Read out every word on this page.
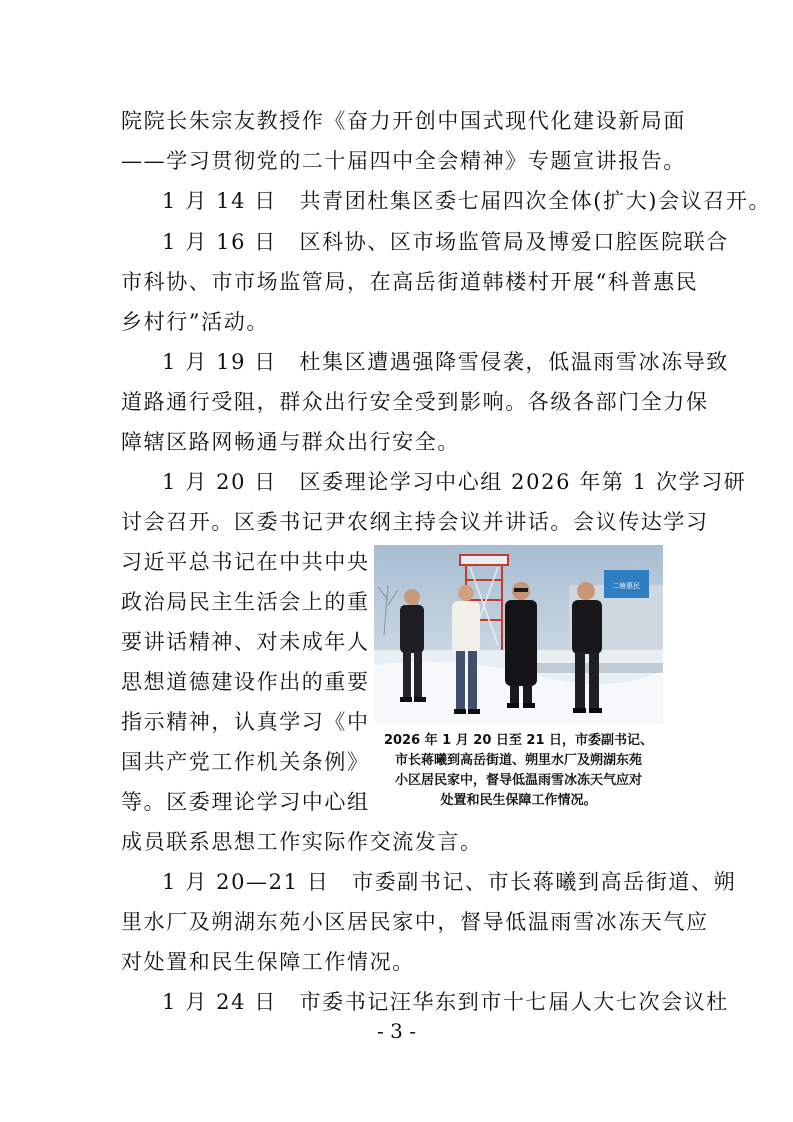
院院长朱宗友教授作《奋力开创中国式现代化建设新局面
——学习贯彻党的二十届四中全会精神》专题宣讲报告。
1 月 14 日　共青团杜集区委七届四次全体(扩大)会议召开。
1 月 16 日　区科协、区市场监管局及博爱口腔医院联合
市科协、市市场监管局，在高岳街道韩楼村开展“科普惠民
乡村行”活动。
1 月 19 日　杜集区遭遇强降雪侵袭，低温雨雪冰冻导致
道路通行受阻，群众出行安全受到影响。各级各部门全力保
障辖区路网畅通与群众出行安全。
1 月 20 日　区委理论学习中心组 2026 年第 1 次学习研
讨会召开。区委书记尹农纲主持会议并讲话。会议传达学习
习近平总书记在中共中央
政治局民主生活会上的重
要讲话精神、对未成年人
思想道德建设作出的重要
指示精神，认真学习《中
国共产党工作机关条例》
等。区委理论学习中心组
成员联系思想工作实际作交流发言。
1 月 20—21 日　市委副书记、市长蒋曦到高岳街道、朔
里水厂及朔湖东苑小区居民家中，督导低温雨雪冰冻天气应
对处置和民生保障工作情况。
1 月 24 日　市委书记汪华东到市十七届人大七次会议杜
二塘惠民
2026 年 1 月 20 日至 21 日，市委副书记、
市长蒋曦到高岳街道、朔里水厂及朔湖东苑
小区居民家中，督导低温雨雪冰冻天气应对
处置和民生保障工作情况。
- 3 -
